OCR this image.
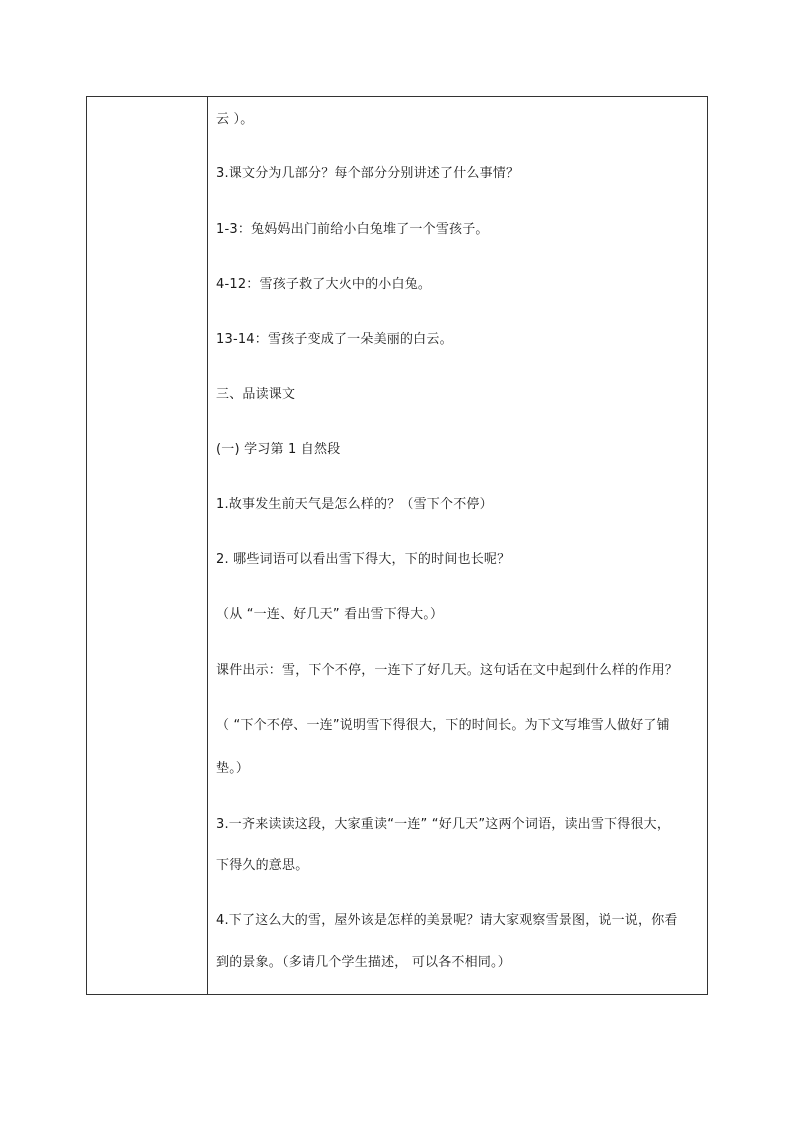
云 ）。
3.课文分为几部分？每个部分分别讲述了什么事情？
1-3：兔妈妈出门前给小白兔堆了一个雪孩子。
4-12：雪孩子救了大火中的小白兔。
13-14：雪孩子变成了一朵美丽的白云。
三、品读课文
(一) 学习第 1 自然段
1.故事发生前天气是怎么样的？（雪下个不停）
2. 哪些词语可以看出雪下得大，下的时间也长呢？
（从 “一连、好几天” 看出雪下得大。）
课件出示：雪，下个不停，一连下了好几天。这句话在文中起到什么样的作用？
（ “下个不停、一连”说明雪下得很大，下的时间长。为下文写堆雪人做好了铺
垫。）
3.一齐来读读这段，大家重读“一连” “好几天”这两个词语，读出雪下得很大，
下得久的意思。
4.下了这么大的雪，屋外该是怎样的美景呢？请大家观察雪景图，说一说，你看
到的景象。（多请几个学生描述， 可以各不相同。）
